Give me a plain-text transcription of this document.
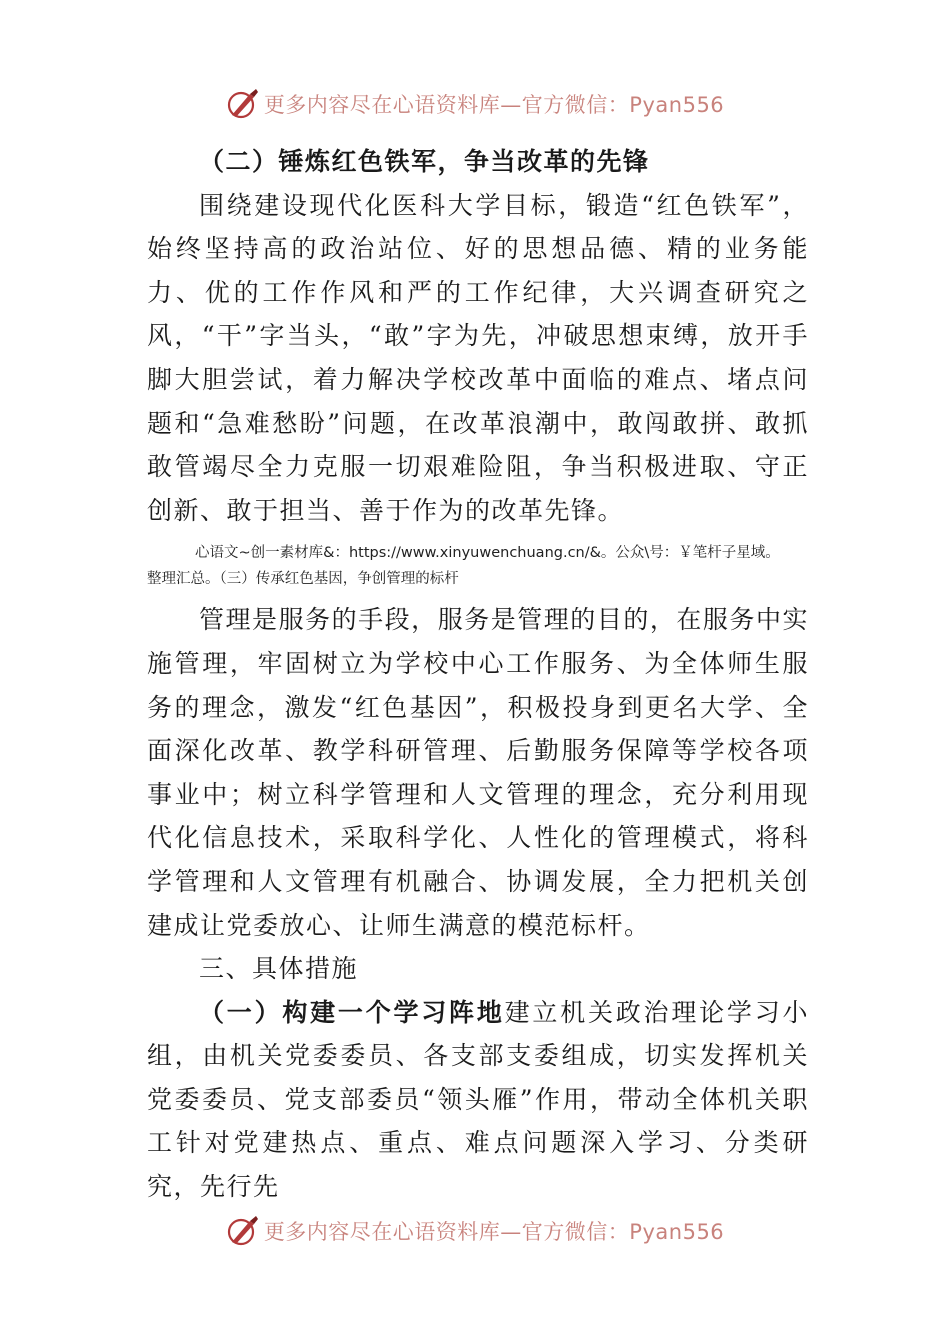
更多内容尽在心语资料库—官方微信：Pyan556

（二）锤炼红色铁军，争当改革的先锋

围绕建设现代化医科大学目标，锻造“红色铁军”，始终坚持高的政治站位、好的思想品德、精的业务能力、优的工作作风和严的工作纪律，大兴调查研究之风，“干”字当头，“敢”字为先，冲破思想束缚，放开手脚大胆尝试，着力解决学校改革中面临的难点、堵点问题和“急难愁盼”问题，在改革浪潮中，敢闯敢拼、敢抓敢管竭尽全力克服一切艰难险阻，争当积极进取、守正创新、敢于担当、善于作为的改革先锋。

心语文~创一素材库&：https://www.xinyuwenchuang.cn/&。公众\号：￥笔杆子星域。
整理汇总。（三）传承红色基因，争创管理的标杆

管理是服务的手段，服务是管理的目的，在服务中实施管理，牢固树立为学校中心工作服务、为全体师生服务的理念，激发“红色基因”，积极投身到更名大学、全面深化改革、教学科研管理、后勤服务保障等学校各项事业中；树立科学管理和人文管理的理念，充分利用现代化信息技术，采取科学化、人性化的管理模式，将科学管理和人文管理有机融合、协调发展，全力把机关创建成让党委放心、让师生满意的模范标杆。

三、具体措施

（一）构建一个学习阵地建立机关政治理论学习小组，由机关党委委员、各支部支委组成，切实发挥机关党委委员、党支部委员“领头雁”作用，带动全体机关职工针对党建热点、重点、难点问题深入学习、分类研究，先行先

更多内容尽在心语资料库—官方微信：Pyan556
